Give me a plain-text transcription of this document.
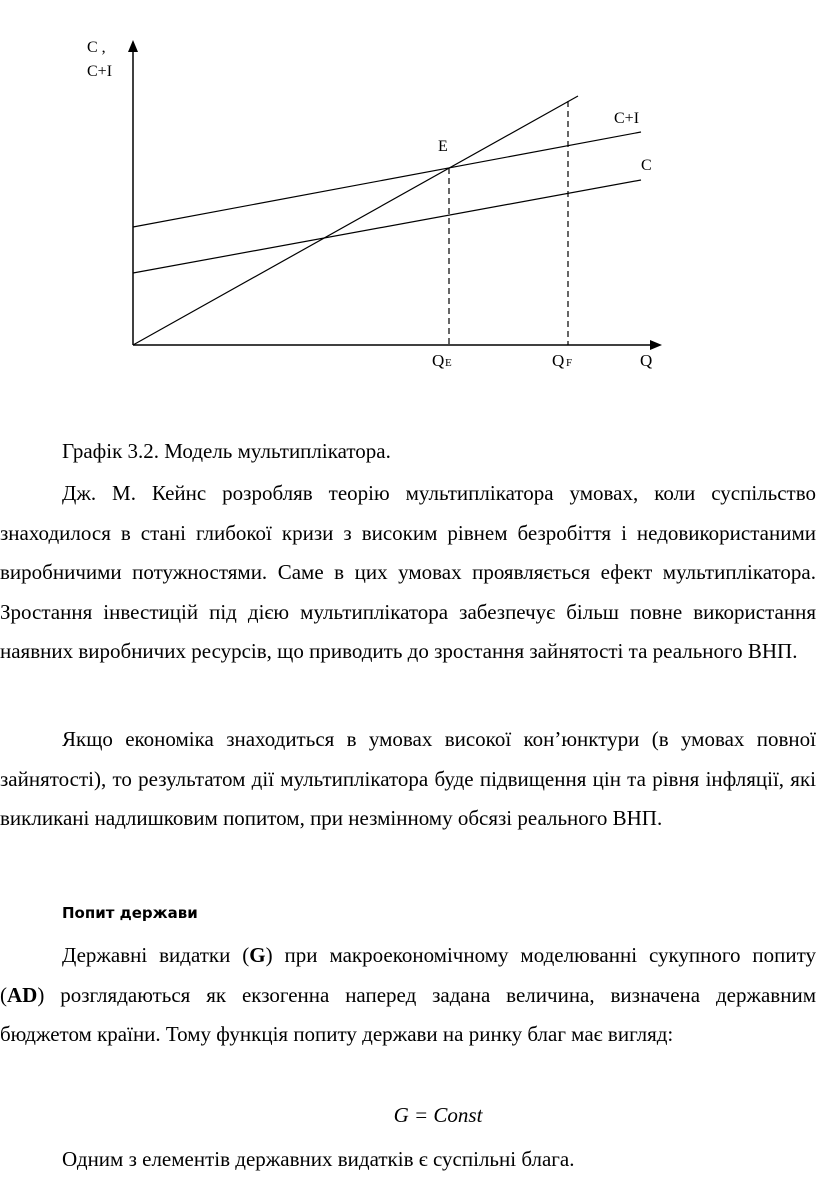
C ,
C+I
C+I
C
E
Q E	Q F	Q

Графік 3.2. Модель мультиплікатора.

Дж. М. Кейнс розробляв теорію мультиплікатора умовах, коли суспільство знаходилося в стані глибокої кризи з високим рівнем безробіття і недовикористаними виробничими потужностями. Саме в цих умовах проявляється ефект мультиплікатора. Зростання інвестицій під дією мультиплікатора забезпечує більш повне використання наявних виробничих ресурсів, що приводить до зростання зайнятості та реального ВНП.

Якщо економіка знаходиться в умовах високої кон’юнктури (в умовах повної зайнятості), то результатом дії мультиплікатора буде підвищення цін та рівня інфляції, які викликані надлишковим попитом, при незмінному обсязі реального ВНП.

Попит держави

Державні видатки (G) при макроекономічному моделюванні сукупного попиту (AD) розглядаються як екзогенна наперед задана величина, визначена державним бюджетом країни. Тому функція попиту держави на ринку благ має вигляд:

G = Const

Одним з елементів державних видатків є суспільні блага.
